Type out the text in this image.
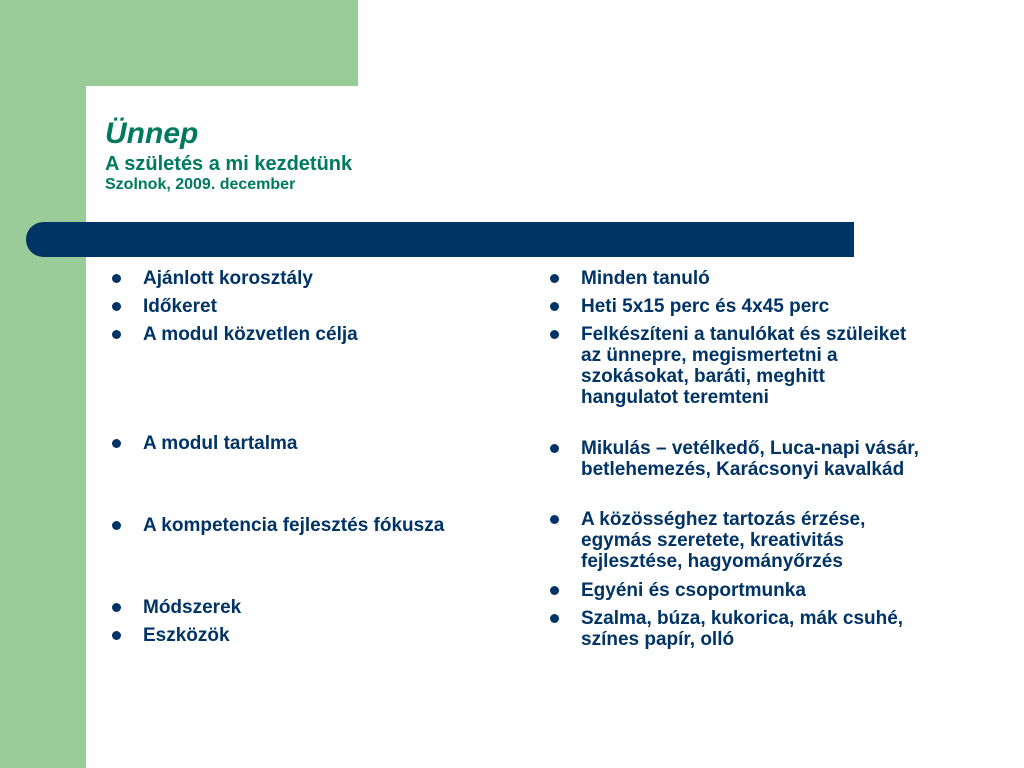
Ünnep
A születés a mi kezdetünk
Szolnok, 2009. december
Ajánlott korosztály
Időkeret
A modul közvetlen célja
A modul tartalma
A kompetencia fejlesztés fókusza
Módszerek
Eszközök
Minden tanuló
Heti 5x15 perc és 4x45 perc
Felkészíteni a tanulókat és szüleiket az ünnepre, megismertetni a szokásokat, baráti, meghitt hangulatot teremteni
Mikulás – vetélkedő, Luca-napi vásár, betlehemezés, Karácsonyi kavalkád
A közösséghez tartozás érzése, egymás szeretete, kreativitás fejlesztése, hagyományőrzés
Egyéni és csoportmunka
Szalma, búza, kukorica, mák csuhé, színes papír, olló
